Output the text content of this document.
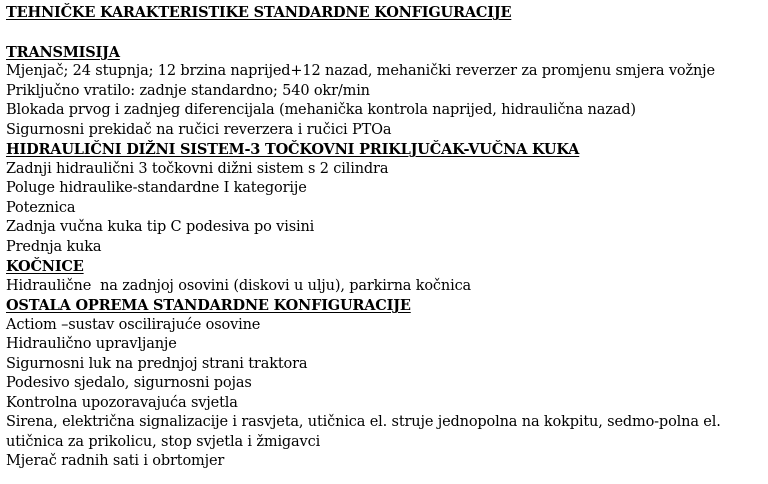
TEHNIČKE KARAKTERISTIKE STANDARDNE KONFIGURACIJE
TRANSMISIJA
Mjenjač; 24 stupnja; 12 brzina naprijed+12 nazad, mehanički reverzer za promjenu smjera vožnje
Priključno vratilo: zadnje standardno; 540 okr/min
Blokada prvog i zadnjeg diferencijala (mehanička kontrola naprijed, hidraulična nazad)
Sigurnosni prekidač na ručici reverzera i ručici PTOa
HIDRAULIČNI DIŽNI SISTEM-3 TOČKOVNI PRIKLJUČAK-VUČNA KUKA
Zadnji hidraulični 3 točkovni dižni sistem s 2 cilindra
Poluge hidraulike-standardne I kategorije
Poteznica
Zadnja vučna kuka tip C podesiva po visini
Prednja kuka
KOČNICE
Hidraulične  na zadnjoj osovini (diskovi u ulju), parkirna kočnica
OSTALA OPREMA STANDARDNE KONFIGURACIJE
Actiom –sustav oscilirajuće osovine
Hidraulično upravljanje
Sigurnosni luk na prednjoj strani traktora
Podesivo sjedalo, sigurnosni pojas
Kontrolna upozoravajuća svjetla
Sirena, električna signalizacije i rasvjeta, utičnica el. struje jednopolna na kokpitu, sedmo-polna el.
utičnica za prikolicu, stop svjetla i žmigavci
Mjerač radnih sati i obrtomjer
